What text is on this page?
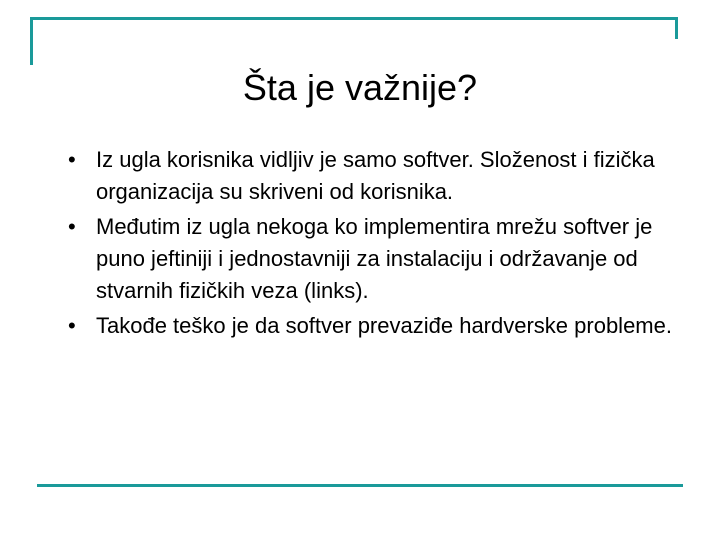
Šta je važnije?
• Iz ugla korisnika vidljiv je samo softver. Složenost i fizička organizacija su skriveni od korisnika.
• Međutim iz ugla nekoga ko implementira mrežu softver je puno jeftiniji i jednostavniji za instalaciju i održavanje od stvarnih fizičkih veza (links).
• Takođe teško je da softver prevaziđe hardverske probleme.
